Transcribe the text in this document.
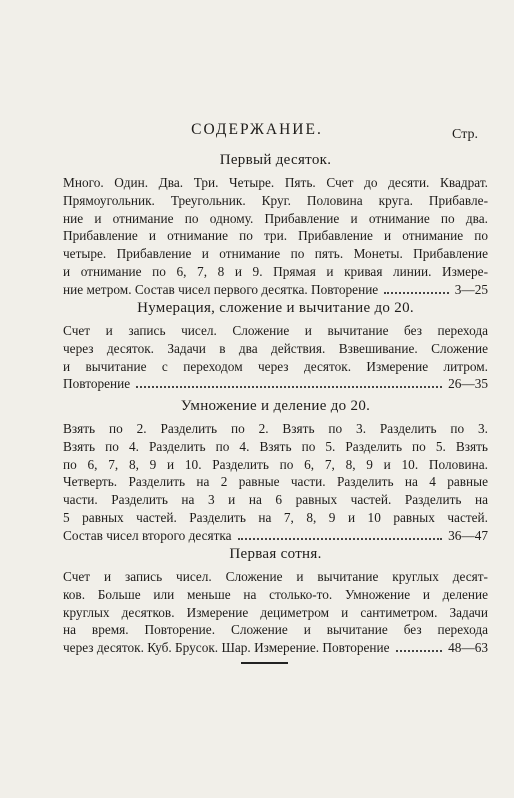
СОДЕРЖАНИЕ.	Стр.
Первый десяток.
Много. Один. Два. Три. Четыре. Пять. Счет до десяти. Квадрат.
Прямоугольник. Треугольник. Круг. Половина круга. Прибавле-
ние и отнимание по одному. Прибавление и отнимание по два.
Прибавление и отнимание по три. Прибавление и отнимание по
четыре. Прибавление и отнимание по пять. Монеты. Прибавление
и отнимание по 6, 7, 8 и 9. Прямая и кривая линии. Измере-
ние метром. Состав чисел первого десятка. Повторение	3—25
Нумерация, сложение и вычитание до 20.
Счет и запись чисел. Сложение и вычитание без перехода
через десяток. Задачи в два действия. Взвешивание. Сложение
и вычитание с переходом через десяток. Измерение литром.
Повторение	26—35
Умножение и деление до 20.
Взять по 2. Разделить по 2. Взять по 3. Разделить по 3.
Взять по 4. Разделить по 4. Взять по 5. Разделить по 5. Взять
по 6, 7, 8, 9 и 10. Разделить по 6, 7, 8, 9 и 10. Половина.
Четверть. Разделить на 2 равные части. Разделить на 4 равные
части. Разделить на 3 и на 6 равных частей. Разделить на
5 равных частей. Разделить на 7, 8, 9 и 10 равных частей.
Состав чисел второго десятка	36—47
Первая сотня.
Счет и запись чисел. Сложение и вычитание круглых десят-
ков. Больше или меньше на столько-то. Умножение и деление
круглых десятков. Измерение дециметром и сантиметром. Задачи
на время. Повторение. Сложение и вычитание без перехода
через десяток. Куб. Брусок. Шар. Измерение. Повторение	48—63
